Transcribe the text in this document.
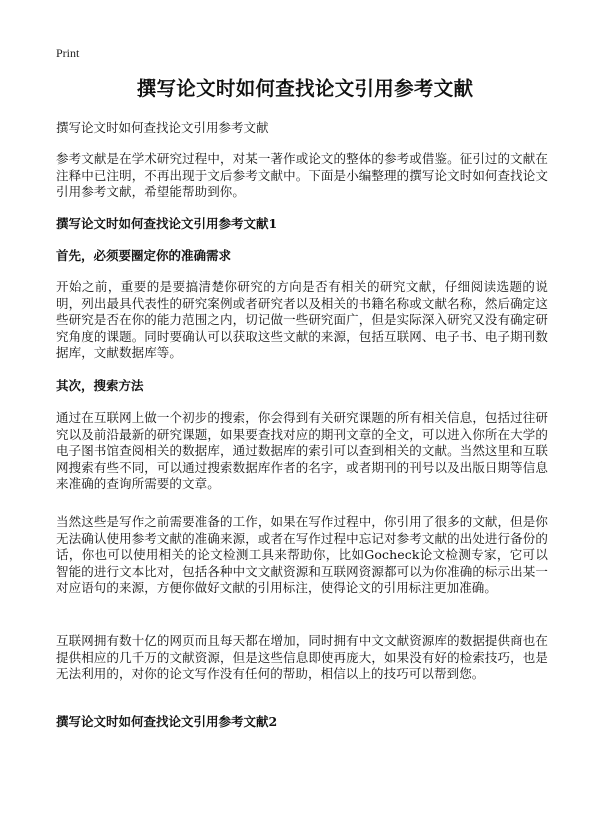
Print
撰写论文时如何查找论文引用参考文献

撰写论文时如何查找论文引用参考文献

参考文献是在学术研究过程中，对某一著作或论文的整体的参考或借鉴。征引过的文献在注释中已注明，不再出现于文后参考文献中。下面是小编整理的撰写论文时如何查找论文引用参考文献，希望能帮助到你。

撰写论文时如何查找论文引用参考文献1

首先，必须要圈定你的准确需求

开始之前，重要的是要搞清楚你研究的方向是否有相关的研究文献，仔细阅读选题的说明，列出最具代表性的研究案例或者研究者以及相关的书籍名称或文献名称，然后确定这些研究是否在你的能力范围之内，切记做一些研究面广，但是实际深入研究又没有确定研究角度的课题。同时要确认可以获取这些文献的来源，包括互联网、电子书、电子期刊数据库，文献数据库等。

其次，搜索方法

通过在互联网上做一个初步的搜索，你会得到有关研究课题的所有相关信息，包括过往研究以及前沿最新的研究课题，如果要查找对应的期刊文章的全文，可以进入你所在大学的电子图书馆查阅相关的数据库，通过数据库的索引可以查到相关的文献。当然这里和互联网搜索有些不同，可以通过搜索数据库作者的名字，或者期刊的刊号以及出版日期等信息来准确的查询所需要的文章。

当然这些是写作之前需要准备的工作，如果在写作过程中，你引用了很多的文献，但是你无法确认使用参考文献的准确来源，或者在写作过程中忘记对参考文献的出处进行备份的话，你也可以使用相关的论文检测工具来帮助你，比如Gocheck论文检测专家，它可以智能的进行文本比对，包括各种中文文献资源和互联网资源都可以为你准确的标示出某一对应语句的来源，方便你做好文献的引用标注，使得论文的引用标注更加准确。

互联网拥有数十亿的网页而且每天都在增加，同时拥有中文文献资源库的数据提供商也在提供相应的几千万的文献资源，但是这些信息即使再庞大，如果没有好的检索技巧，也是无法利用的，对你的论文写作没有任何的帮助，相信以上的技巧可以帮到您。

撰写论文时如何查找论文引用参考文献2
